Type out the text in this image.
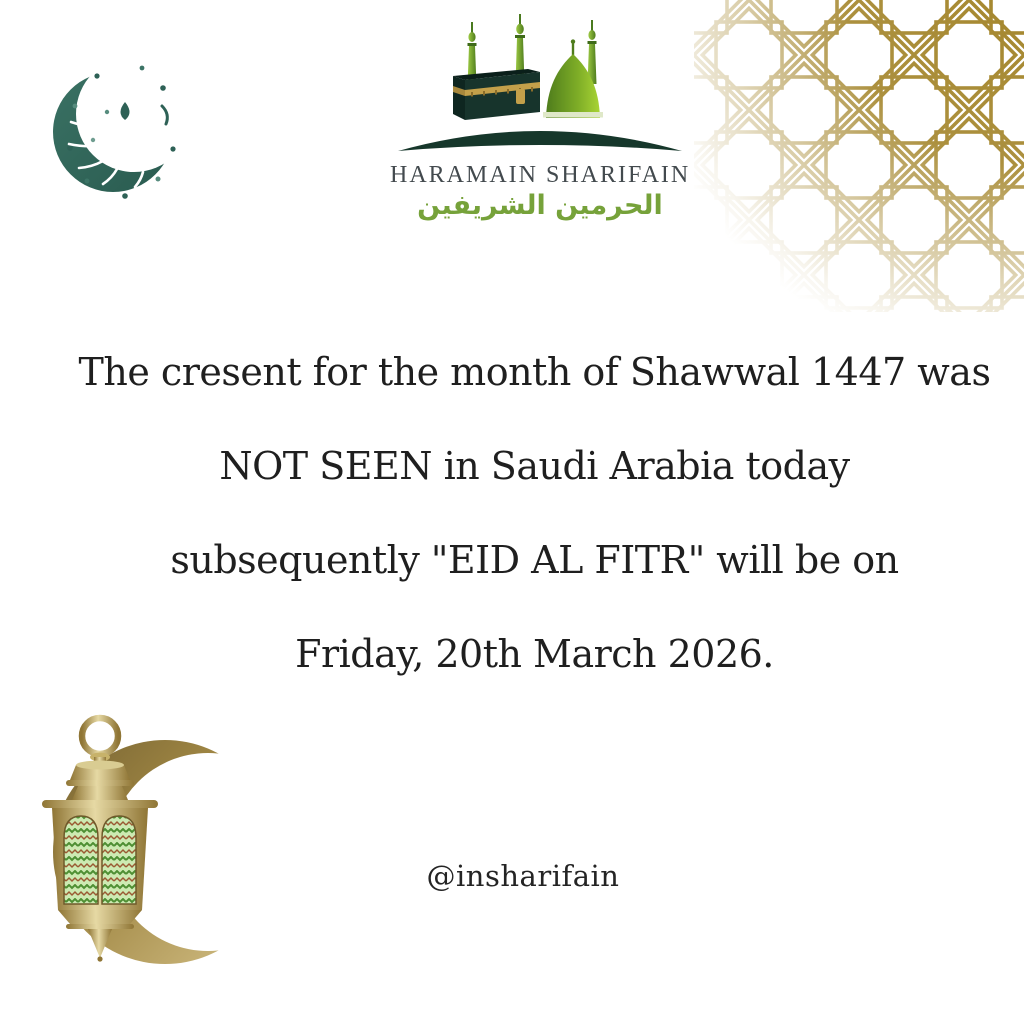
HARAMAIN SHARIFAIN
الحرمين الشريفين
The cresent for the month of Shawwal 1447 was
NOT SEEN in Saudi Arabia today
subsequently "EID AL FITR" will be on
Friday, 20th March 2026.
@insharifain
